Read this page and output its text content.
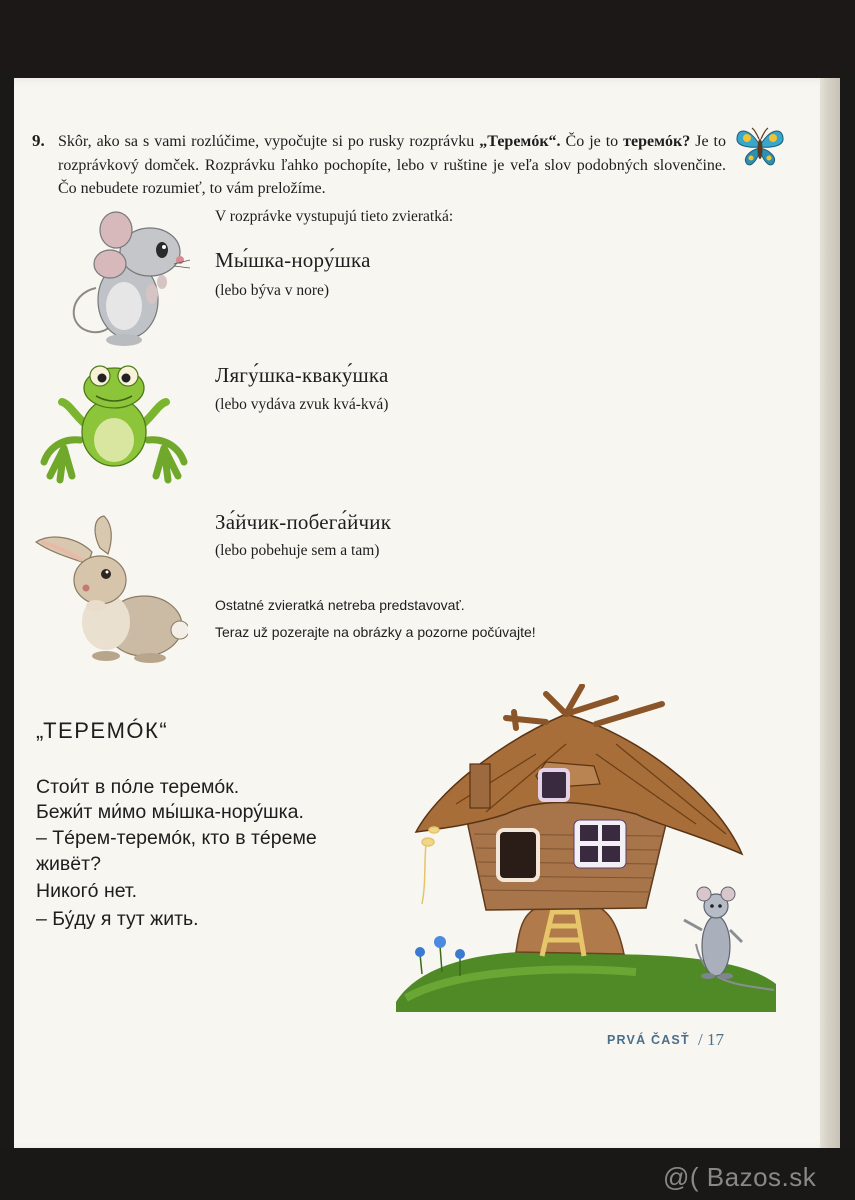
9. Skôr, ako sa s vami rozlúčime, vypočujte si po rusky rozprávku „Теремóк“. Čo je to теремóк? Je to rozprávkový domček. Rozprávku ľahko pochopíte, lebo v ruštine je veľa slov podobných slovenčine. Čo nebudete rozumieť, to vám preložíme.
V rozprávke vystupujú tieto zvieratká:
Мы́шка-нору́шка
(lebo býva v nore)
Лягу́шка-кваку́шка
(lebo vydáva zvuk kvá-kvá)
За́йчик-побега́йчик
(lebo pobehuje sem a tam)
Ostatné zvieratká netreba predstavovať.
Teraz už pozerajte na obrázky a pozorne počúvajte!
„ТЕРЕМÓК“
Стои́т в пóле теремóк.
Бежи́т ми́мо мы́шка-нору́шка.
– Тéрем-теремóк, кто в тéреме
живёт?
Никогó нет.
– Бу́ду я тут жить.
PRVÁ ČASŤ / 17
@( Bazos.sk
